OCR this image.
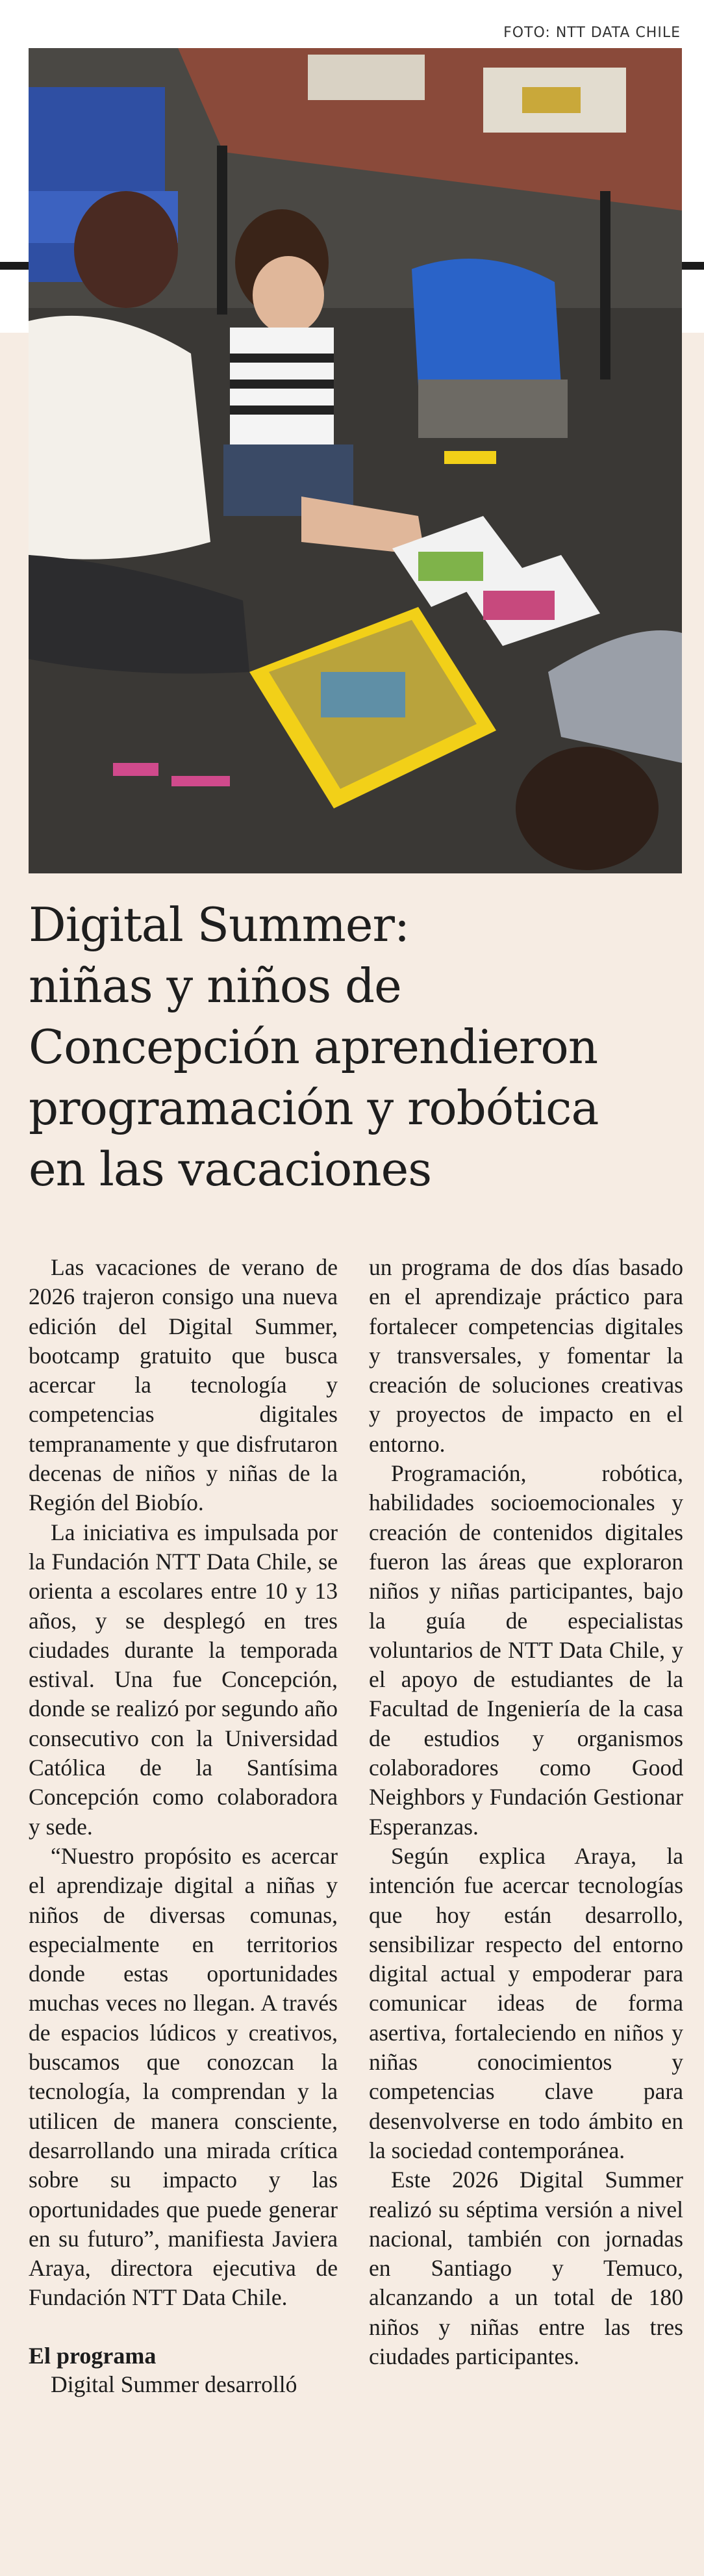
FOTO: NTT DATA CHILE
Digital Summer:
niñas y niños de
Concepción aprendieron
programación y robótica
en las vacaciones

Las vacaciones de verano de 2026 trajeron consigo una nueva edición del Digital Summer, bootcamp gratuito que busca acercar la tecnología y competencias digitales tempranamente y que disfrutaron decenas de niños y niñas de la Región del Biobío.

La iniciativa es impulsada por la Fundación NTT Data Chile, se orienta a escolares entre 10 y 13 años, y se desplegó en tres ciudades durante la temporada estival. Una fue Concepción, donde se realizó por segundo año consecutivo con la Universidad Católica de la Santísima Concepción como colaboradora y sede.

“Nuestro propósito es acercar el aprendizaje digital a niñas y niños de diversas comunas, especialmente en territorios donde estas oportunidades muchas veces no llegan. A través de espacios lúdicos y creativos, buscamos que conozcan la tecnología, la comprendan y la utilicen de manera consciente, desarrollando una mirada crítica sobre su impacto y las oportunidades que puede generar en su futuro”, manifiesta Javiera Araya, directora ejecutiva de Fundación NTT Data Chile.

El programa

Digital Summer desarrolló

un programa de dos días basado en el aprendizaje práctico para fortalecer competencias digitales y transversales, y fomentar la creación de soluciones creativas y proyectos de impacto en el entorno.

Programación, robótica, habilidades socioemocionales y creación de contenidos digitales fueron las áreas que exploraron niños y niñas participantes, bajo la guía de especialistas voluntarios de NTT Data Chile, y el apoyo de estudiantes de la Facultad de Ingeniería de la casa de estudios y organismos colaboradores como Good Neighbors y Fundación Gestionar Esperanzas.

Según explica Araya, la intención fue acercar tecnologías que hoy están desarrollo, sensibilizar respecto del entorno digital actual y empoderar para comunicar ideas de forma asertiva, fortaleciendo en niños y niñas conocimientos y competencias clave para desenvolverse en todo ámbito en la sociedad contemporánea.

Este 2026 Digital Summer realizó su séptima versión a nivel nacional, también con jornadas en Santiago y Temuco, alcanzando a un total de 180 niños y niñas entre las tres ciudades participantes.
